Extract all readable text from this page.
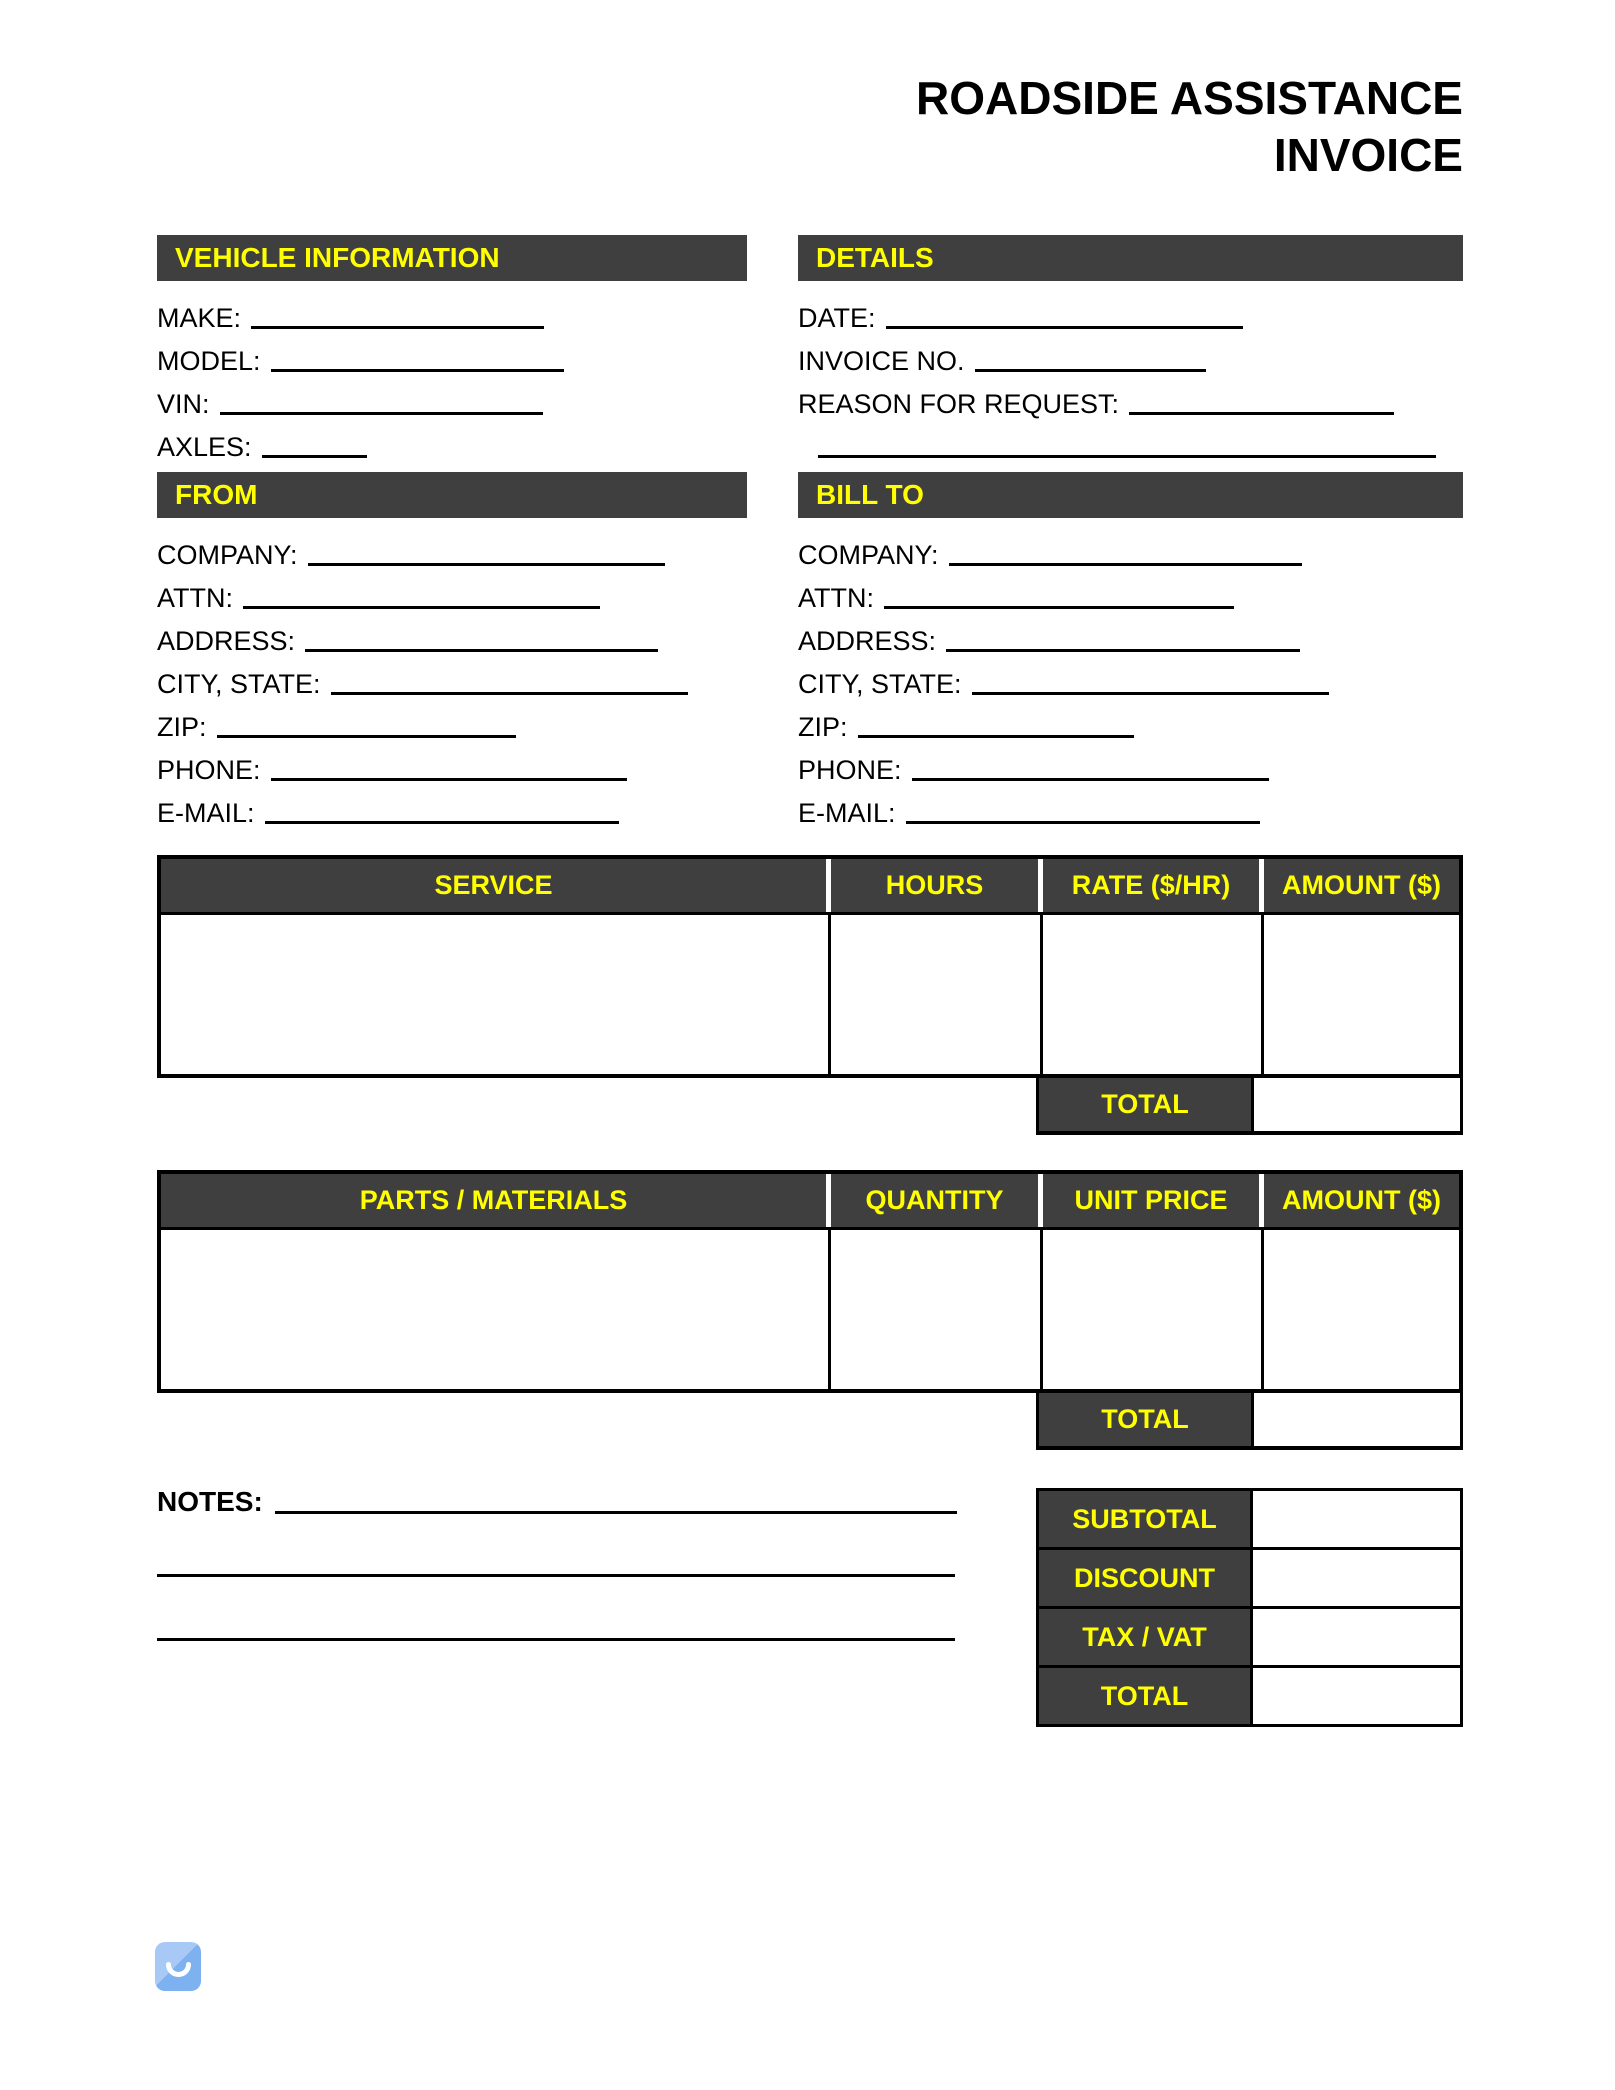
ROADSIDE ASSISTANCE
INVOICE
VEHICLE INFORMATION
MAKE:
MODEL:
VIN:
AXLES:
DETAILS
DATE:
INVOICE NO.
REASON FOR REQUEST:
FROM
COMPANY:
ATTN:
ADDRESS:
CITY, STATE:
ZIP:
PHONE:
E-MAIL:
BILL TO
COMPANY:
ATTN:
ADDRESS:
CITY, STATE:
ZIP:
PHONE:
E-MAIL:
SERVICE	HOURS	RATE ($/HR)	AMOUNT ($)
TOTAL
PARTS / MATERIALS	QUANTITY	UNIT PRICE	AMOUNT ($)
TOTAL
NOTES:
SUBTOTAL
DISCOUNT
TAX / VAT
TOTAL
